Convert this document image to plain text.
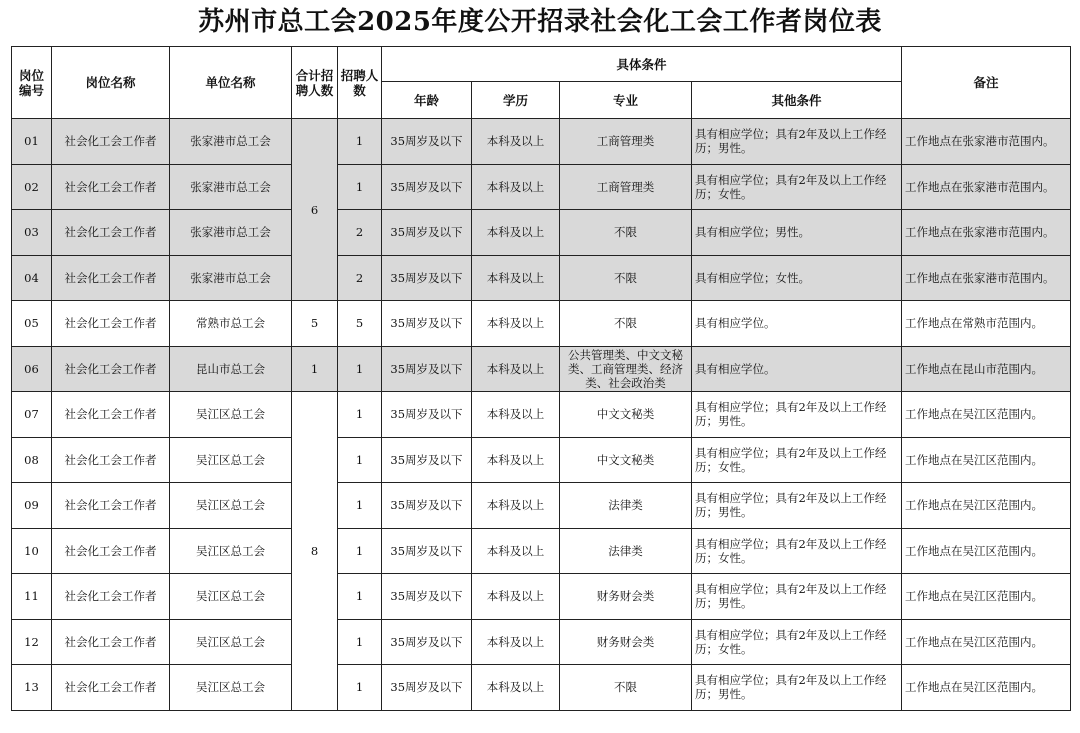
苏州市总工会2025年度公开招录社会化工会工作者岗位表
岗位编号	岗位名称	单位名称	合计招聘人数	招聘人数	具体条件				备注
					年龄	学历	专业	其他条件	
01	社会化工会工作者	张家港市总工会	6	1	35周岁及以下	本科及以上	工商管理类	具有相应学位；具有2年及以上工作经历；男性。	工作地点在张家港市范围内。
02	社会化工会工作者	张家港市总工会		1	35周岁及以下	本科及以上	工商管理类	具有相应学位；具有2年及以上工作经历；女性。	工作地点在张家港市范围内。
03	社会化工会工作者	张家港市总工会		2	35周岁及以下	本科及以上	不限	具有相应学位；男性。	工作地点在张家港市范围内。
04	社会化工会工作者	张家港市总工会		2	35周岁及以下	本科及以上	不限	具有相应学位；女性。	工作地点在张家港市范围内。
05	社会化工会工作者	常熟市总工会	5	5	35周岁及以下	本科及以上	不限	具有相应学位。	工作地点在常熟市范围内。
06	社会化工会工作者	昆山市总工会	1	1	35周岁及以下	本科及以上	公共管理类、中文文秘类、工商管理类、经济类、社会政治类	具有相应学位。	工作地点在昆山市范围内。
07	社会化工会工作者	吴江区总工会	8	1	35周岁及以下	本科及以上	中文文秘类	具有相应学位；具有2年及以上工作经历；男性。	工作地点在吴江区范围内。
08	社会化工会工作者	吴江区总工会		1	35周岁及以下	本科及以上	中文文秘类	具有相应学位；具有2年及以上工作经历；女性。	工作地点在吴江区范围内。
09	社会化工会工作者	吴江区总工会		1	35周岁及以下	本科及以上	法律类	具有相应学位；具有2年及以上工作经历；男性。	工作地点在吴江区范围内。
10	社会化工会工作者	吴江区总工会		1	35周岁及以下	本科及以上	法律类	具有相应学位；具有2年及以上工作经历；女性。	工作地点在吴江区范围内。
11	社会化工会工作者	吴江区总工会		1	35周岁及以下	本科及以上	财务财会类	具有相应学位；具有2年及以上工作经历；男性。	工作地点在吴江区范围内。
12	社会化工会工作者	吴江区总工会		1	35周岁及以下	本科及以上	财务财会类	具有相应学位；具有2年及以上工作经历；女性。	工作地点在吴江区范围内。
13	社会化工会工作者	吴江区总工会		1	35周岁及以下	本科及以上	不限	具有相应学位；具有2年及以上工作经历；男性。	工作地点在吴江区范围内。
